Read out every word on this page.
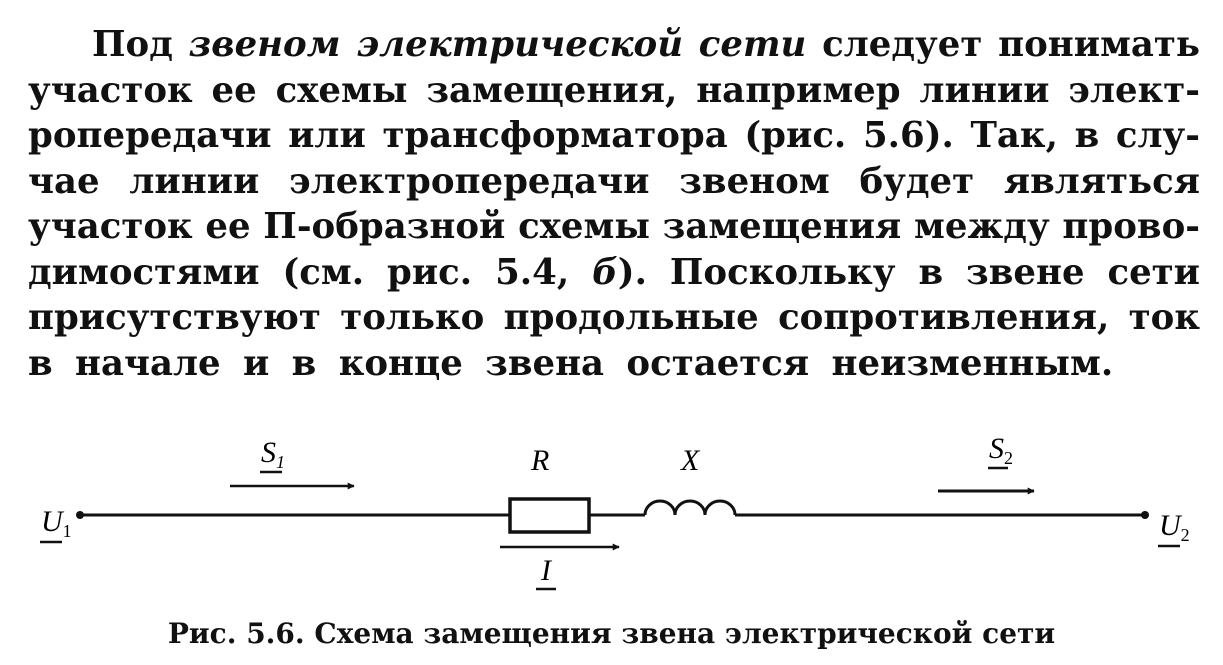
Под звеном электрической сети следует понимать
участок ее схемы замещения, например линии элект-
ропередачи или трансформатора (рис. 5.6). Так, в слу-
чае линии электропередачи звеном будет являться
участок ее П-образной схемы замещения между прово-
димостями (см. рис. 5.4, б). Поскольку в звене сети
присутствуют только продольные сопротивления, ток
в начале и в конце звена остается неизменным.
$U_1$	$U_2$
$S_1$	$S_2$
R	X
I
Рис. 5.6. Схема замещения звена электрической сети
